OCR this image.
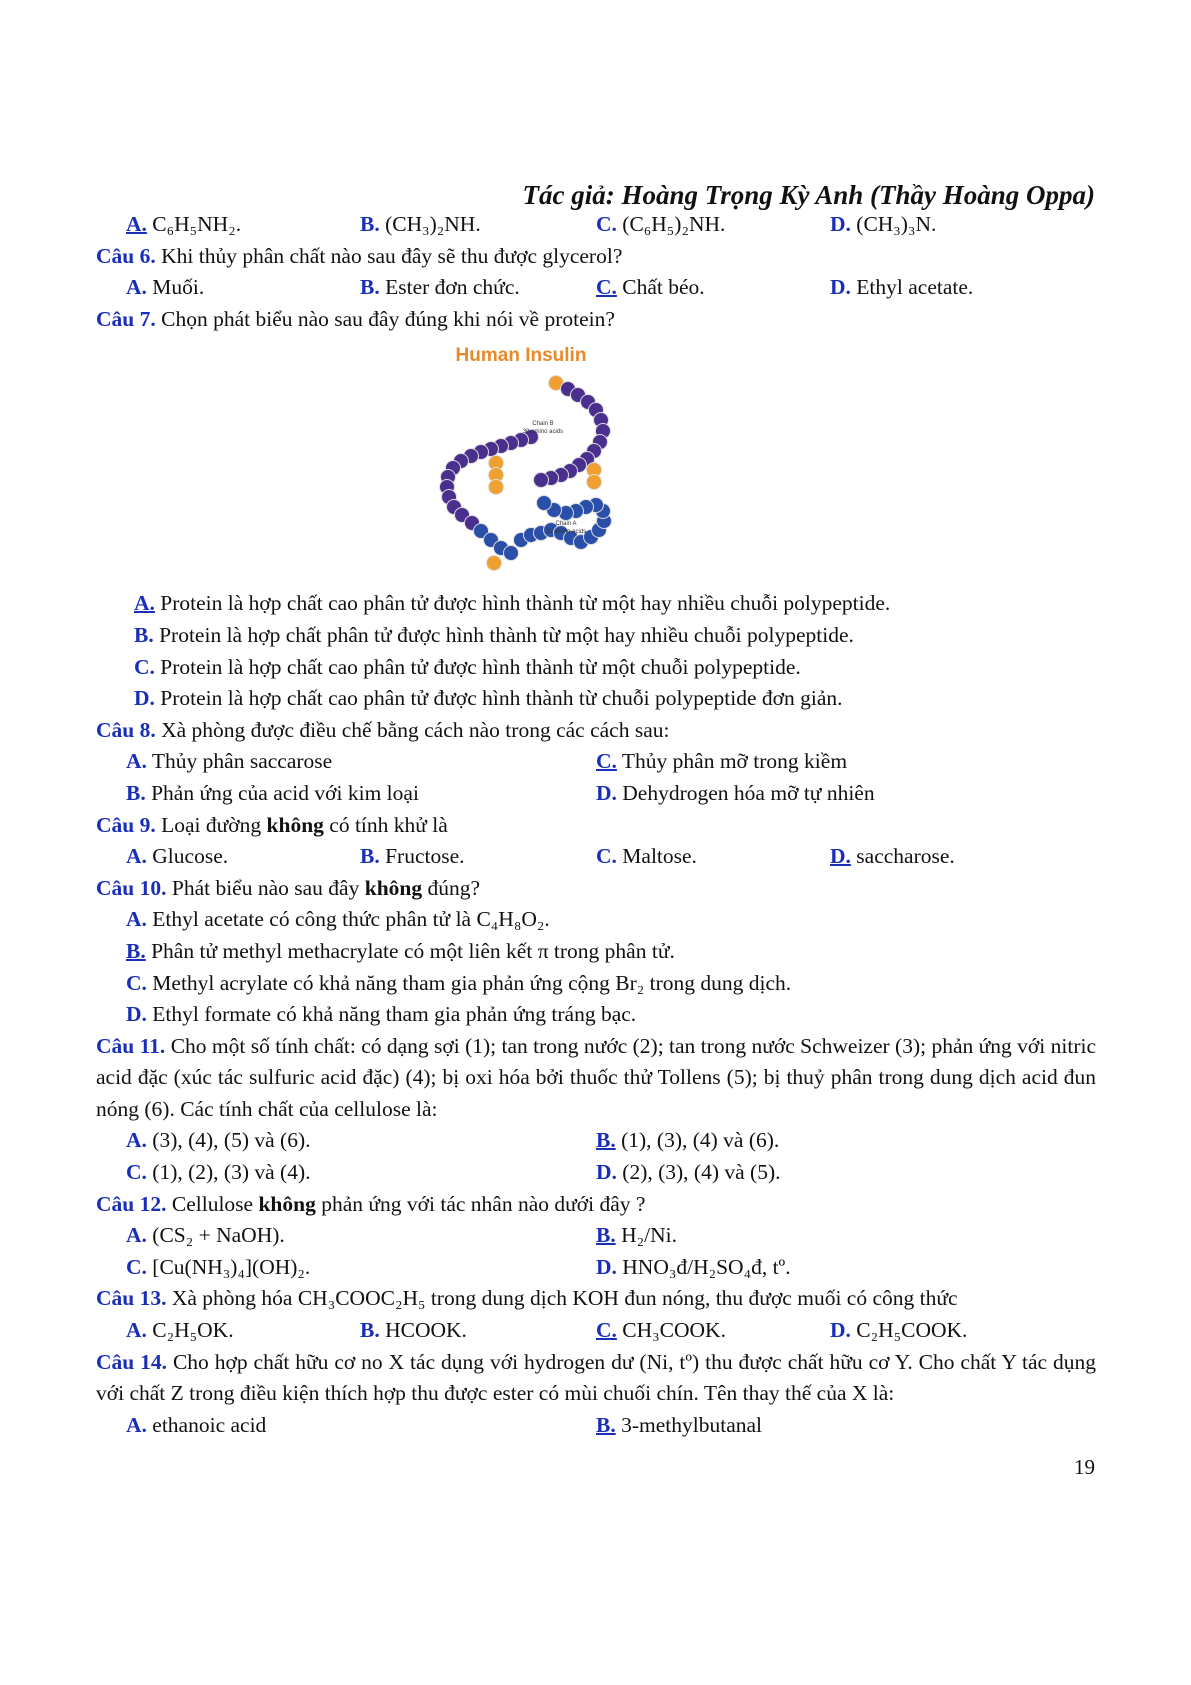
Tác giả: Hoàng Trọng Kỳ Anh (Thầy Hoàng Oppa)
A. C₆H₅NH₂.	B. (CH₃)₂NH.	C. (C₆H₅)₂NH.	D. (CH₃)₃N.
Câu 6. Khi thủy phân chất nào sau đây sẽ thu được glycerol?
A. Muối.	B. Ester đơn chức.	C. Chất béo.	D. Ethyl acetate.
Câu 7. Chọn phát biểu nào sau đây đúng khi nói về protein?
Human Insulin
Chain B
30 amino acids
Chain A
21 amino acids
A. Protein là hợp chất cao phân tử được hình thành từ một hay nhiều chuỗi polypeptide.
B. Protein là hợp chất phân tử được hình thành từ một hay nhiều chuỗi polypeptide.
C. Protein là hợp chất cao phân tử được hình thành từ một chuỗi polypeptide.
D. Protein là hợp chất cao phân tử được hình thành từ chuỗi polypeptide đơn giản.
Câu 8. Xà phòng được điều chế bằng cách nào trong các cách sau:
A. Thủy phân saccarose	C. Thủy phân mỡ trong kiềm
B. Phản ứng của acid với kim loại	D. Dehydrogen hóa mỡ tự nhiên
Câu 9. Loại đường không có tính khử là
A. Glucose.	B. Fructose.	C. Maltose.	D. saccharose.
Câu 10. Phát biểu nào sau đây không đúng?
A. Ethyl acetate có công thức phân tử là C₄H₈O₂.
B. Phân tử methyl methacrylate có một liên kết π trong phân tử.
C. Methyl acrylate có khả năng tham gia phản ứng cộng Br₂ trong dung dịch.
D. Ethyl formate có khả năng tham gia phản ứng tráng bạc.
Câu 11. Cho một số tính chất: có dạng sợi (1); tan trong nước (2); tan trong nước Schweizer (3); phản ứng với nitric acid đặc (xúc tác sulfuric acid đặc) (4); bị oxi hóa bởi thuốc thử Tollens (5); bị thuỷ phân trong dung dịch acid đun nóng (6). Các tính chất của cellulose là:
A. (3), (4), (5) và (6).	B. (1), (3), (4) và (6).
C. (1), (2), (3) và (4).	D. (2), (3), (4) và (5).
Câu 12. Cellulose không phản ứng với tác nhân nào dưới đây ?
A. (CS₂ + NaOH).	B. H₂/Ni.
C. [Cu(NH₃)₄](OH)₂.	D. HNO₃đ/H₂SO₄đ, tº.
Câu 13. Xà phòng hóa CH₃COOC₂H₅ trong dung dịch KOH đun nóng, thu được muối có công thức
A. C₂H₅OK.	B. HCOOK.	C. CH₃COOK.	D. C₂H₅COOK.
Câu 14. Cho hợp chất hữu cơ no X tác dụng với hydrogen dư (Ni, tº) thu được chất hữu cơ Y. Cho chất Y tác dụng với chất Z trong điều kiện thích hợp thu được ester có mùi chuối chín. Tên thay thế của X là:
A. ethanoic acid	B. 3-methylbutanal
19
